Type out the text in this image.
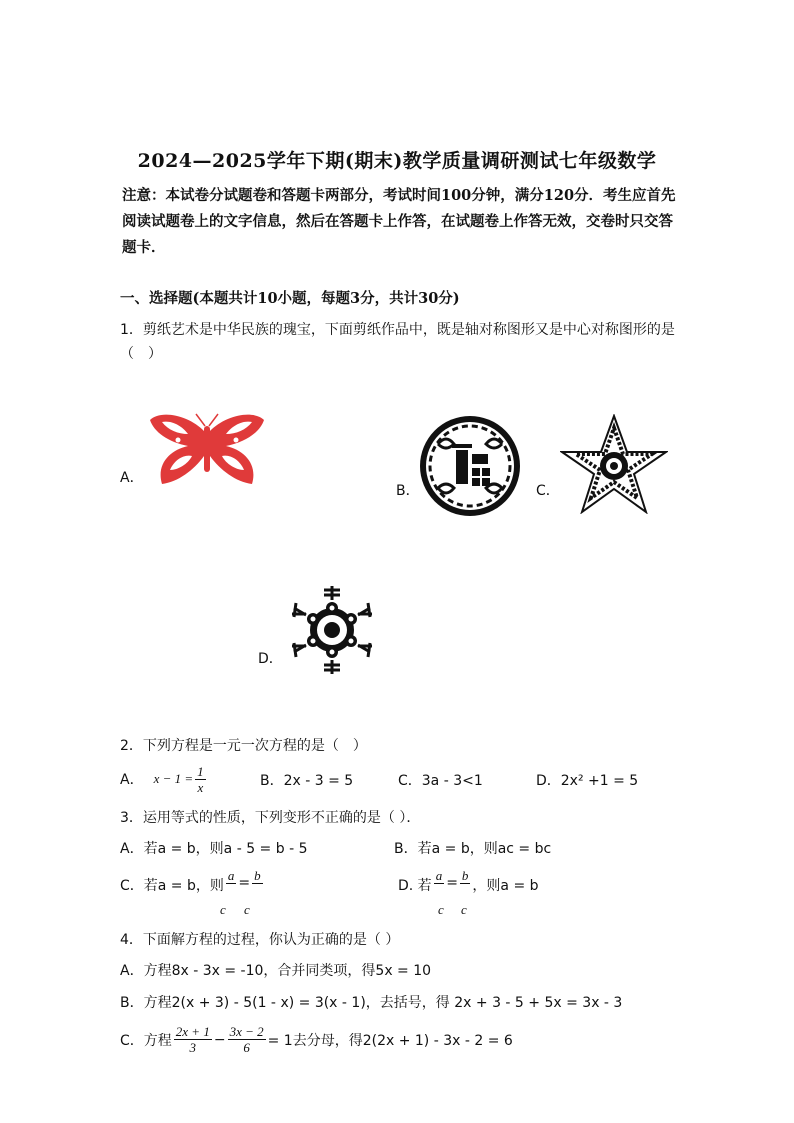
2024—2025学年下期(期末)教学质量调研测试七年级数学
注意：本试卷分试题卷和答题卡两部分，考试时间100分钟，满分120分．考生应首先阅读试题卷上的文字信息，然后在答题卡上作答，在试题卷上作答无效，交卷时只交答题卡．
一、选择题(本题共计10小题，每题3分，共计30分)
1．剪纸艺术是中华民族的瑰宝，下面剪纸作品中，既是轴对称图形又是中心对称图形的是（　）
A．
B．	C．
D．
2．下列方程是一元一次方程的是（　）
A． $x - 1 = \frac{1}{x}$	B．2x - 3 = 5	C．3a - 3<1	D．2x² +1 = 5
3．运用等式的性质，下列变形不正确的是（ ）．
A．若a = b，则a - 5 = b - 5	B．若a = b，则ac = bc
C．若a = b，则
a = b
c c
D. 若
a = b
，则a = b
c c
4．下面解方程的过程，你认为正确的是（ ）
A．方程8x - 3x = -10，合并同类项，得5x = 10
B．方程2(x + 3) - 5(1 - x) = 3(x - 1)，去括号，得 2x + 3 - 5 + 5x = 3x - 3
C．方程 $\frac{2x + 1}{3} - \frac{3x - 2}{6} = 1$去分母，得2(2x + 1) - 3x - 2 = 6
